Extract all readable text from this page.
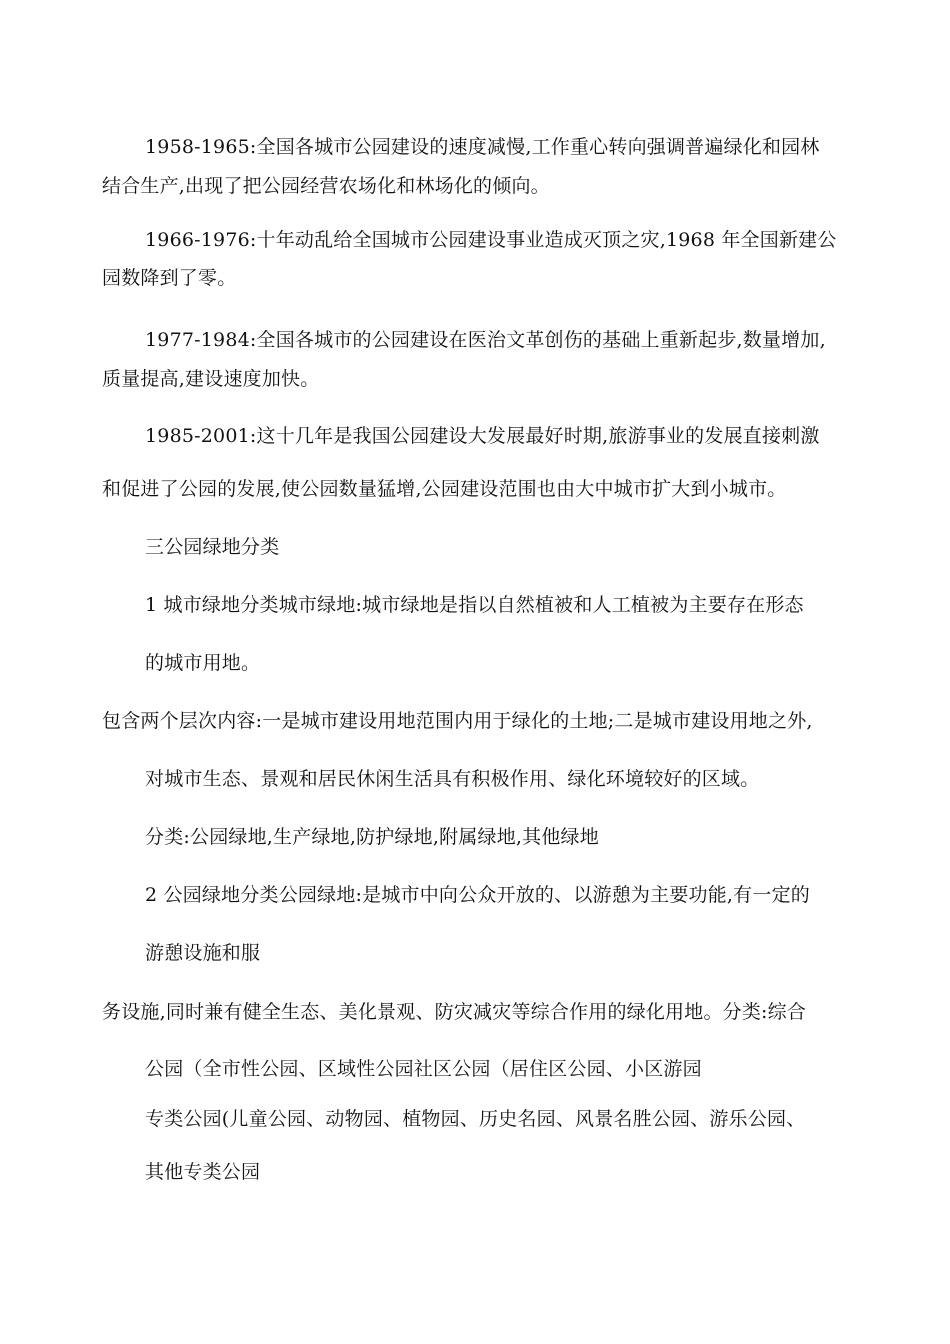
1958-1965:全国各城市公园建设的速度减慢,工作重心转向强调普遍绿化和园林
结合生产,出现了把公园经营农场化和林场化的倾向。
1966-1976:十年动乱给全国城市公园建设事业造成灭顶之灾,1968 年全国新建公
园数降到了零。
1977-1984:全国各城市的公园建设在医治文革创伤的基础上重新起步,数量增加,
质量提高,建设速度加快。
1985-2001:这十几年是我国公园建设大发展最好时期,旅游事业的发展直接刺激
和促进了公园的发展,使公园数量猛增,公园建设范围也由大中城市扩大到小城市。
三公园绿地分类
1 城市绿地分类城市绿地:城市绿地是指以自然植被和人工植被为主要存在形态
的城市用地。
包含两个层次内容:一是城市建设用地范围内用于绿化的土地;二是城市建设用地之外,
对城市生态、景观和居民休闲生活具有积极作用、绿化环境较好的区域。
分类:公园绿地,生产绿地,防护绿地,附属绿地,其他绿地
2 公园绿地分类公园绿地:是城市中向公众开放的、以游憩为主要功能,有一定的
游憩设施和服
务设施,同时兼有健全生态、美化景观、防灾减灾等综合作用的绿化用地。分类:综合
公园（全市性公园、区域性公园社区公园（居住区公园、小区游园
专类公园(儿童公园、动物园、植物园、历史名园、风景名胜公园、游乐公园、
其他专类公园
